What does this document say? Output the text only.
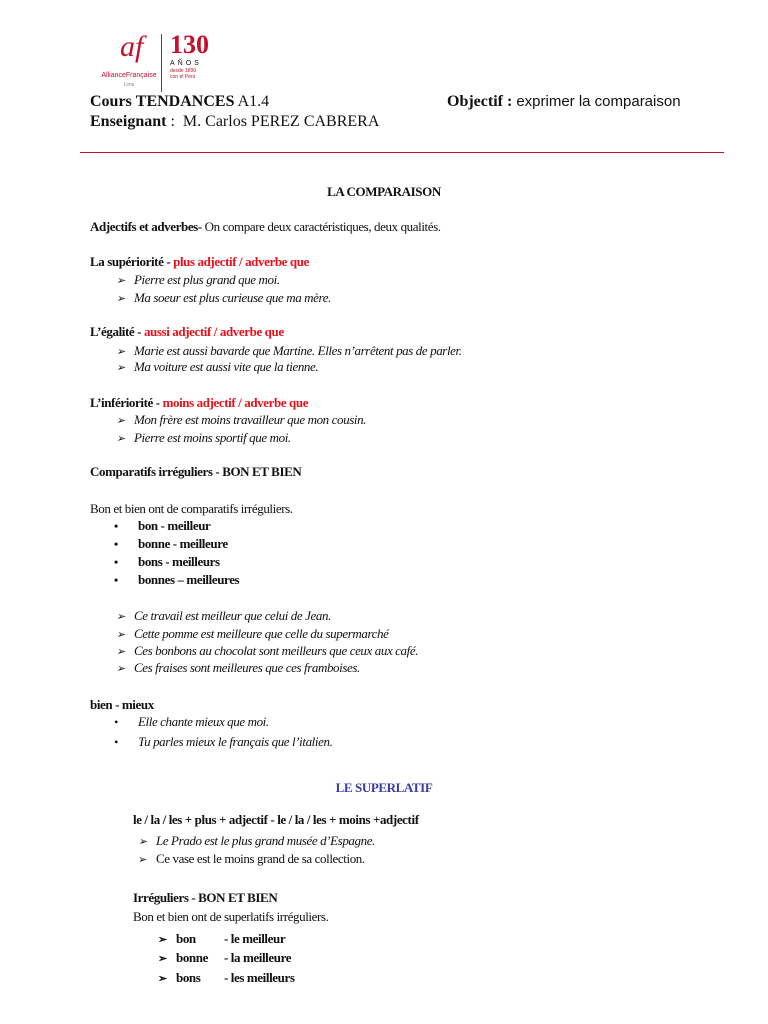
af
AllianceFrançaise
Lima
130
AÑOS
desde 1890
con el Perú
Cours TENDANCES A1.4	Objectif : exprimer la comparaison
Enseignant : M. Carlos PEREZ CABRERA
LA COMPARAISON
Adjectifs et adverbes- On compare deux caractéristiques, deux qualités.
La supériorité - plus adjectif / adverbe que
➢ Pierre est plus grand que moi.
➢ Ma soeur est plus curieuse que ma mère.
L’égalité - aussi adjectif / adverbe que
➢ Marie est aussi bavarde que Martine. Elles n’arrêtent pas de parler.
➢ Ma voiture est aussi vite que la tienne.
L’infériorité - moins adjectif / adverbe que
➢ Mon frère est moins travailleur que mon cousin.
➢ Pierre est moins sportif que moi.
Comparatifs irréguliers - BON ET BIEN
Bon et bien ont de comparatifs irréguliers.
• bon - meilleur
• bonne - meilleure
• bons - meilleurs
• bonnes – meilleures
➢ Ce travail est meilleur que celui de Jean.
➢ Cette pomme est meilleure que celle du supermarché
➢ Ces bonbons au chocolat sont meilleurs que ceux aux café.
➢ Ces fraises sont meilleures que ces framboises.
bien - mieux
• Elle chante mieux que moi.
• Tu parles mieux le français que l’italien.
LE SUPERLATIF
le / la / les + plus + adjectif - le / la / les + moins +adjectif
➢ Le Prado est le plus grand musée d’Espagne.
➢ Ce vase est le moins grand de sa collection.
Irréguliers - BON ET BIEN
Bon et bien ont de superlatifs irréguliers.
➢ bon - le meilleur
➢ bonne - la meilleure
➢ bons - les meilleurs
